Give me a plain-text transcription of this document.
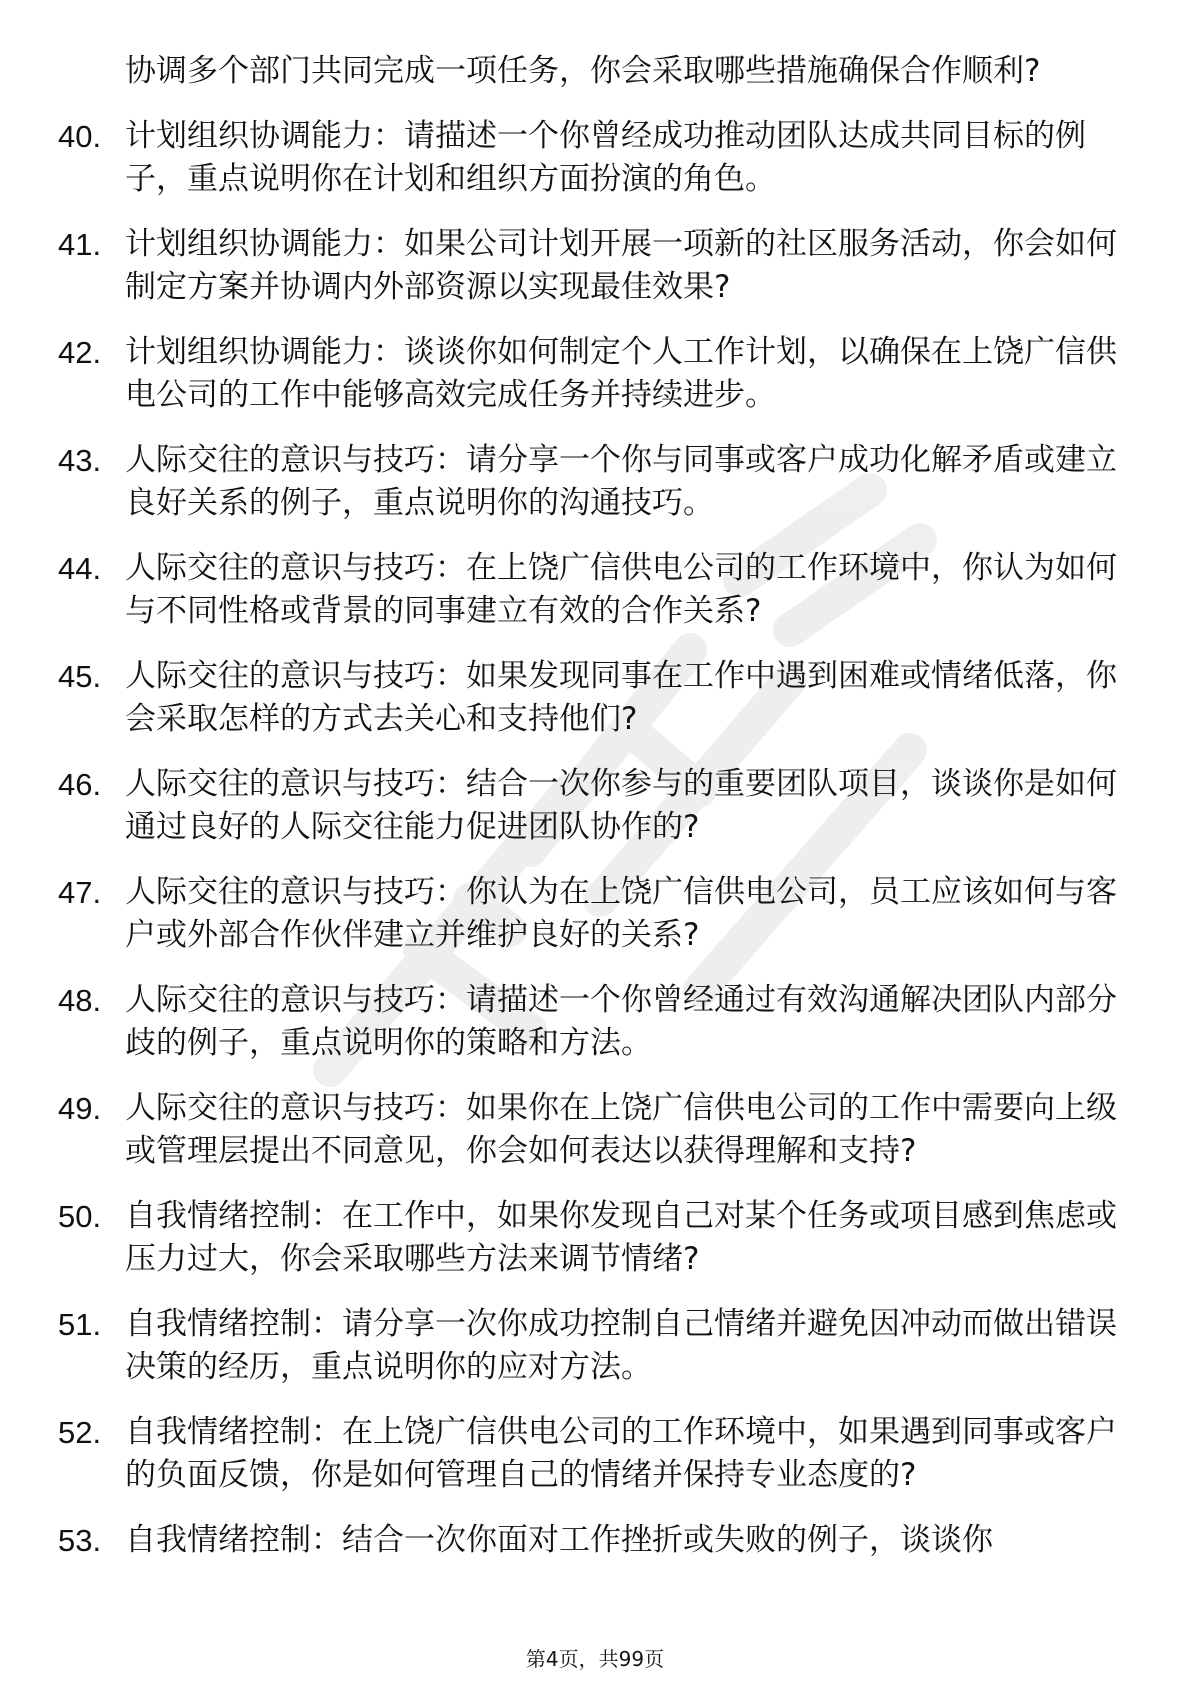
协调多个部门共同完成一项任务，你会采取哪些措施确保合作顺利?
40. 计划组织协调能力：请描述一个你曾经成功推动团队达成共同目标的例子，重点说明你在计划和组织方面扮演的角色。
41. 计划组织协调能力：如果公司计划开展一项新的社区服务活动，你会如何制定方案并协调内外部资源以实现最佳效果?
42. 计划组织协调能力：谈谈你如何制定个人工作计划，以确保在上饶广信供电公司的工作中能够高效完成任务并持续进步。
43. 人际交往的意识与技巧：请分享一个你与同事或客户成功化解矛盾或建立良好关系的例子，重点说明你的沟通技巧。
44. 人际交往的意识与技巧：在上饶广信供电公司的工作环境中，你认为如何与不同性格或背景的同事建立有效的合作关系?
45. 人际交往的意识与技巧：如果发现同事在工作中遇到困难或情绪低落，你会采取怎样的方式去关心和支持他们?
46. 人际交往的意识与技巧：结合一次你参与的重要团队项目，谈谈你是如何通过良好的人际交往能力促进团队协作的?
47. 人际交往的意识与技巧：你认为在上饶广信供电公司，员工应该如何与客户或外部合作伙伴建立并维护良好的关系?
48. 人际交往的意识与技巧：请描述一个你曾经通过有效沟通解决团队内部分歧的例子，重点说明你的策略和方法。
49. 人际交往的意识与技巧：如果你在上饶广信供电公司的工作中需要向上级或管理层提出不同意见，你会如何表达以获得理解和支持?
50. 自我情绪控制：在工作中，如果你发现自己对某个任务或项目感到焦虑或压力过大，你会采取哪些方法来调节情绪?
51. 自我情绪控制：请分享一次你成功控制自己情绪并避免因冲动而做出错误决策的经历，重点说明你的应对方法。
52. 自我情绪控制：在上饶广信供电公司的工作环境中，如果遇到同事或客户的负面反馈，你是如何管理自己的情绪并保持专业态度的?
53. 自我情绪控制：结合一次你面对工作挫折或失败的例子，谈谈你
第4页，共99页
